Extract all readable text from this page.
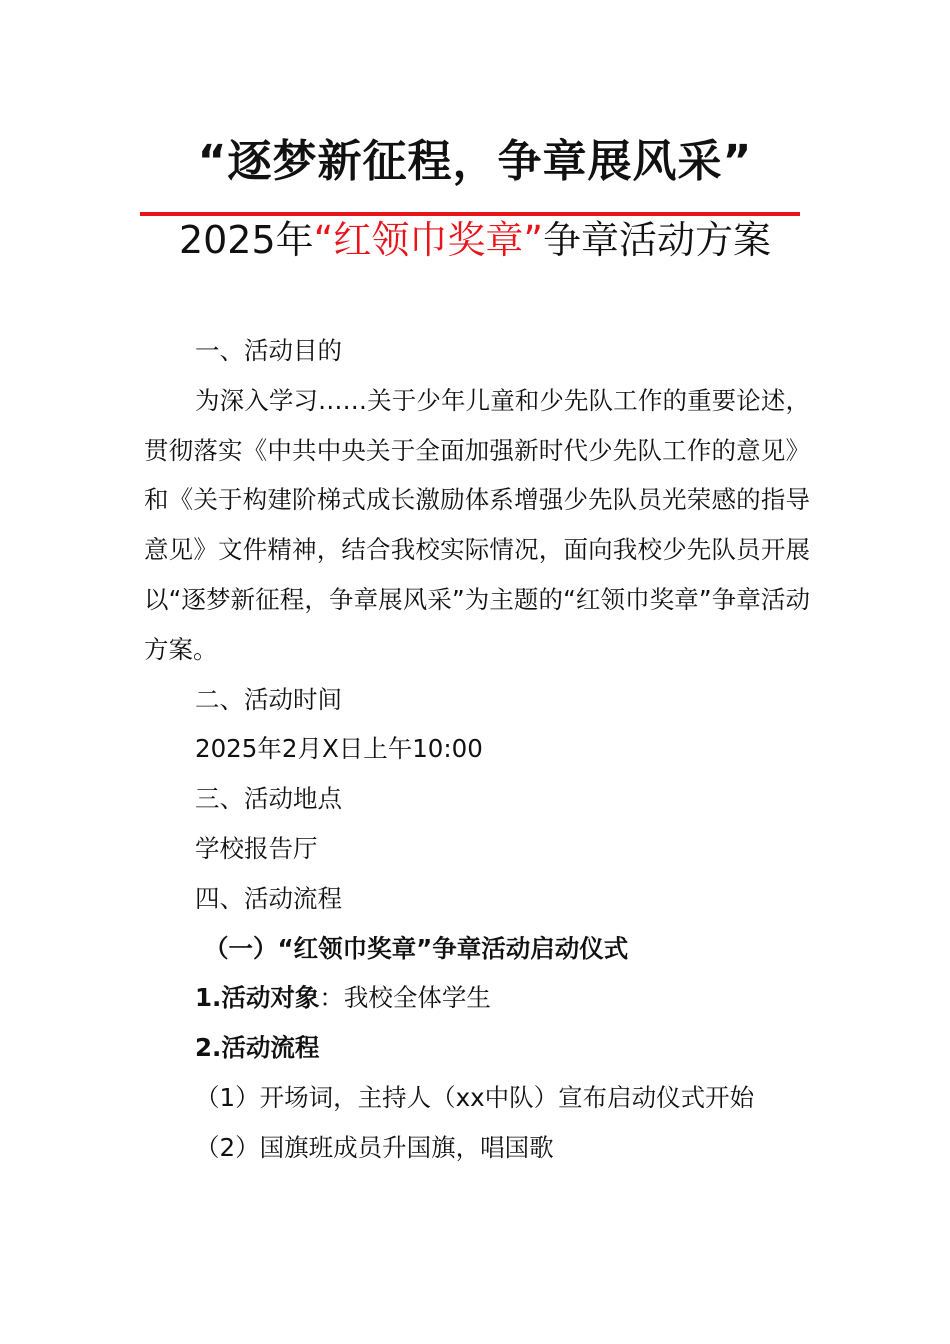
“逐梦新征程，争章展风采”
2025年“红领巾奖章”争章活动方案

一、活动目的

为深入学习……关于少年儿童和少先队工作的重要论述，贯彻落实《中共中央关于全面加强新时代少先队工作的意见》和《关于构建阶梯式成长激励体系增强少先队员光荣感的指导意见》文件精神，结合我校实际情况，面向我校少先队员开展以“逐梦新征程，争章展风采”为主题的“红领巾奖章”争章活动方案。

二、活动时间

2025年2月X日上午10:00

三、活动地点

学校报告厅

四、活动流程

（一）“红领巾奖章”争章活动启动仪式

1.活动对象：我校全体学生

2.活动流程

（1）开场词，主持人（xx中队）宣布启动仪式开始

（2）国旗班成员升国旗，唱国歌
